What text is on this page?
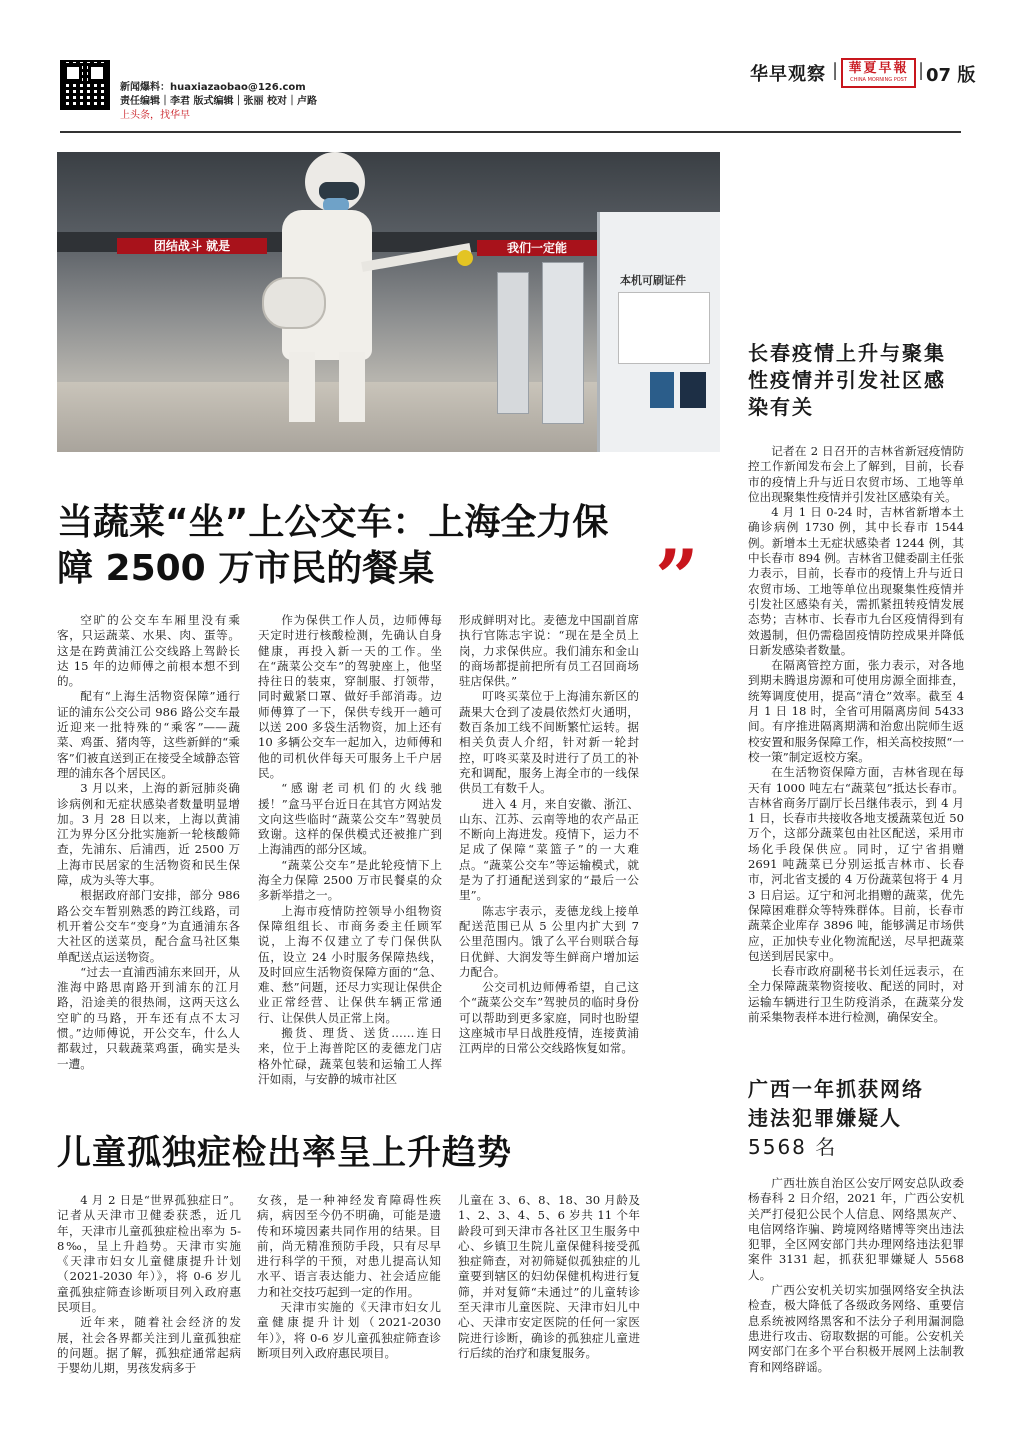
新闻爆料：huaxiazaobao@126.com
责任编辑｜李君 版式编辑｜张丽 校对｜卢路
上头条，找华早
华早观察 | 華夏早報
CHINA MORNING POST | 07 版
团结战斗 就是	我们一定能
本机可刷证件
当蔬菜“坐”上公交车：上海全力保
障 2500 万市民的餐桌	”

空旷的公交车车厢里没有乘客，只运蔬菜、水果、肉、蛋等。这是在跨黄浦江公交线路上驾龄长达 15 年的边师傅之前根本想不到的。

配有“上海生活物资保障”通行证的浦东公交公司 986 路公交车最近迎来一批特殊的“乘客”——蔬菜、鸡蛋、猪肉等，这些新鲜的“乘客”们被直送到正在接受全域静态管理的浦东各个居民区。

3 月以来，上海的新冠肺炎确诊病例和无症状感染者数量明显增加。3 月 28 日以来，上海以黄浦江为界分区分批实施新一轮核酸筛查，先浦东、后浦西，近 2500 万上海市民居家的生活物资和民生保障，成为头等大事。

根据政府部门安排，部分 986 路公交车暂别熟悉的跨江线路，司机开着公交车“变身”为直通浦东各大社区的送菜员，配合盒马社区集单配送点运送物资。

“过去一直浦西浦东来回开，从淮海中路思南路开到浦东的江月路，沿途美的很热闹，这两天这么空旷的马路，开车还有点不太习惯。”边师傅说，开公交车，什么人都载过，只载蔬菜鸡蛋，确实是头一遭。

作为保供工作人员，边师傅每天定时进行核酸检测，先确认自身健康，再投入新一天的工作。坐在“蔬菜公交车”的驾驶座上，他坚持往日的装束，穿制服、打领带，同时戴紧口罩、做好手部消毒。边师傅算了一下，保供专线开一趟可以送 200 多袋生活物资，加上还有 10 多辆公交车一起加入，边师傅和他的司机伙伴每天可服务上千户居民。

“感谢老司机们的火线驰援！”盒马平台近日在其官方网站发文向这些临时“蔬菜公交车”驾驶员致谢。这样的保供模式还被推广到上海浦西的部分区域。

“蔬菜公交车”是此轮疫情下上海全力保障 2500 万市民餐桌的众多新举措之一。

上海市疫情防控领导小组物资保障组组长、市商务委主任顾军说，上海不仅建立了专门保供队伍，设立 24 小时服务保障热线，及时回应生活物资保障方面的“急、难、愁”问题，还尽力实现让保供企业正常经营、让保供车辆正常通行、让保供人员正常上岗。

搬货、理货、送货……连日来，位于上海普陀区的麦德龙门店格外忙碌，蔬菜包装和运输工人挥汗如雨，与安静的城市社区

形成鲜明对比。麦德龙中国副首席执行官陈志宇说：“现在是全员上岗，力求保供应。我们浦东和金山的商场都提前把所有员工召回商场驻店保供。”

叮咚买菜位于上海浦东新区的蔬果大仓到了凌晨依然灯火通明，数百条加工线不间断繁忙运转。据相关负责人介绍，针对新一轮封控，叮咚买菜及时进行了员工的补充和调配，服务上海全市的一线保供员工有数千人。

进入 4 月，来自安徽、浙江、山东、江苏、云南等地的农产品正不断向上海进发。疫情下，运力不足成了保障“菜篮子”的一大难点。“蔬菜公交车”等运输模式，就是为了打通配送到家的“最后一公里”。

陈志宇表示，麦德龙线上接单配送范围已从 5 公里内扩大到 7 公里范围内。饿了么平台则联合每日优鲜、大润发等生鲜商户增加运力配合。

公交司机边师傅希望，自己这个“蔬菜公交车”驾驶员的临时身份可以帮助到更多家庭，同时也盼望这座城市早日战胜疫情，连接黄浦江两岸的日常公交线路恢复如常。

儿童孤独症检出率呈上升趋势

4 月 2 日是“世界孤独症日”。记者从天津市卫健委获悉，近几年，天津市儿童孤独症检出率为 5-8‰，呈上升趋势。天津市实施《天津市妇女儿童健康提升计划（2021-2030 年）》，将 0-6 岁儿童孤独症筛查诊断项目列入政府惠民项目。

近年来，随着社会经济的发展，社会各界都关注到儿童孤独症的问题。据了解，孤独症通常起病于婴幼儿期，男孩发病多于

女孩，是一种神经发育障碍性疾病，病因至今仍不明确，可能是遗传和环境因素共同作用的结果。目前，尚无精准预防手段，只有尽早进行科学的干预，对患儿提高认知水平、语言表达能力、社会适应能力和社交技巧起到一定的作用。

天津市实施的《天津市妇女儿童健康提升计划（2021-2030 年）》，将 0-6 岁儿童孤独症筛查诊断项目列入政府惠民项目。

儿童在 3、6、8、18、30 月龄及 1、2、3、4、5、6 岁共 11 个年龄段可到天津市各社区卫生服务中心、乡镇卫生院儿童保健科接受孤独症筛查，对初筛疑似孤独症的儿童要到辖区的妇幼保健机构进行复筛，并对复筛“未通过”的儿童转诊至天津市儿童医院、天津市妇儿中心、天津市安定医院的任何一家医院进行诊断，确诊的孤独症儿童进行后续的治疗和康复服务。

长春疫情上升与聚集性疫情并引发社区感染有关

记者在 2 日召开的吉林省新冠疫情防控工作新闻发布会上了解到，目前，长春市的疫情上升与近日农贸市场、工地等单位出现聚集性疫情并引发社区感染有关。

4 月 1 日 0-24 时，吉林省新增本土确诊病例 1730 例，其中长春市 1544 例。新增本土无症状感染者 1244 例，其中长春市 894 例。吉林省卫健委副主任张力表示，目前，长春市的疫情上升与近日农贸市场、工地等单位出现聚集性疫情并引发社区感染有关，需抓紧扭转疫情发展态势；吉林市、长春市九台区疫情得到有效遏制，但仍需稳固疫情防控成果并降低日新发感染者数量。

在隔离管控方面，张力表示，对各地到期未腾退房源和可使用房源全面排查，统筹调度使用，提高“清仓”效率。截至 4 月 1 日 18 时，全省可用隔离房间 5433 间。有序推进隔离期满和治愈出院师生返校安置和服务保障工作，相关高校按照“一校一策”制定返校方案。

在生活物资保障方面，吉林省现在每天有 1000 吨左右“蔬菜包”抵达长春市。吉林省商务厅副厅长吕继伟表示，到 4 月 1 日，长春市共接收各地支援蔬菜包近 50 万个，这部分蔬菜包由社区配送，采用市场化手段保供应。同时，辽宁省捐赠 2691 吨蔬菜已分别运抵吉林市、长春市，河北省支援的 4 万份蔬菜包将于 4 月 3 日启运。辽宁和河北捐赠的蔬菜，优先保障困难群众等特殊群体。目前，长春市蔬菜企业库存 3896 吨，能够满足市场供应，正加快专业化物流配送，尽早把蔬菜包送到居民家中。

长春市政府副秘书长刘任远表示，在全力保障蔬菜物资接收、配送的同时，对运输车辆进行卫生防疫消杀，在蔬菜分发前采集物表样本进行检测，确保安全。

广西一年抓获网络
违法犯罪嫌疑人
5568 名

广西壮族自治区公安厅网安总队政委杨春科 2 日介绍，2021 年，广西公安机关严打侵犯公民个人信息、网络黑灰产、电信网络诈骗、跨境网络赌博等突出违法犯罪，全区网安部门共办理网络违法犯罪案件 3131 起，抓获犯罪嫌疑人 5568 人。

广西公安机关切实加强网络安全执法检查，极大降低了各级政务网络、重要信息系统被网络黑客和不法分子利用漏洞隐患进行攻击、窃取数据的可能。公安机关网安部门在多个平台积极开展网上法制教育和网络辟谣。
